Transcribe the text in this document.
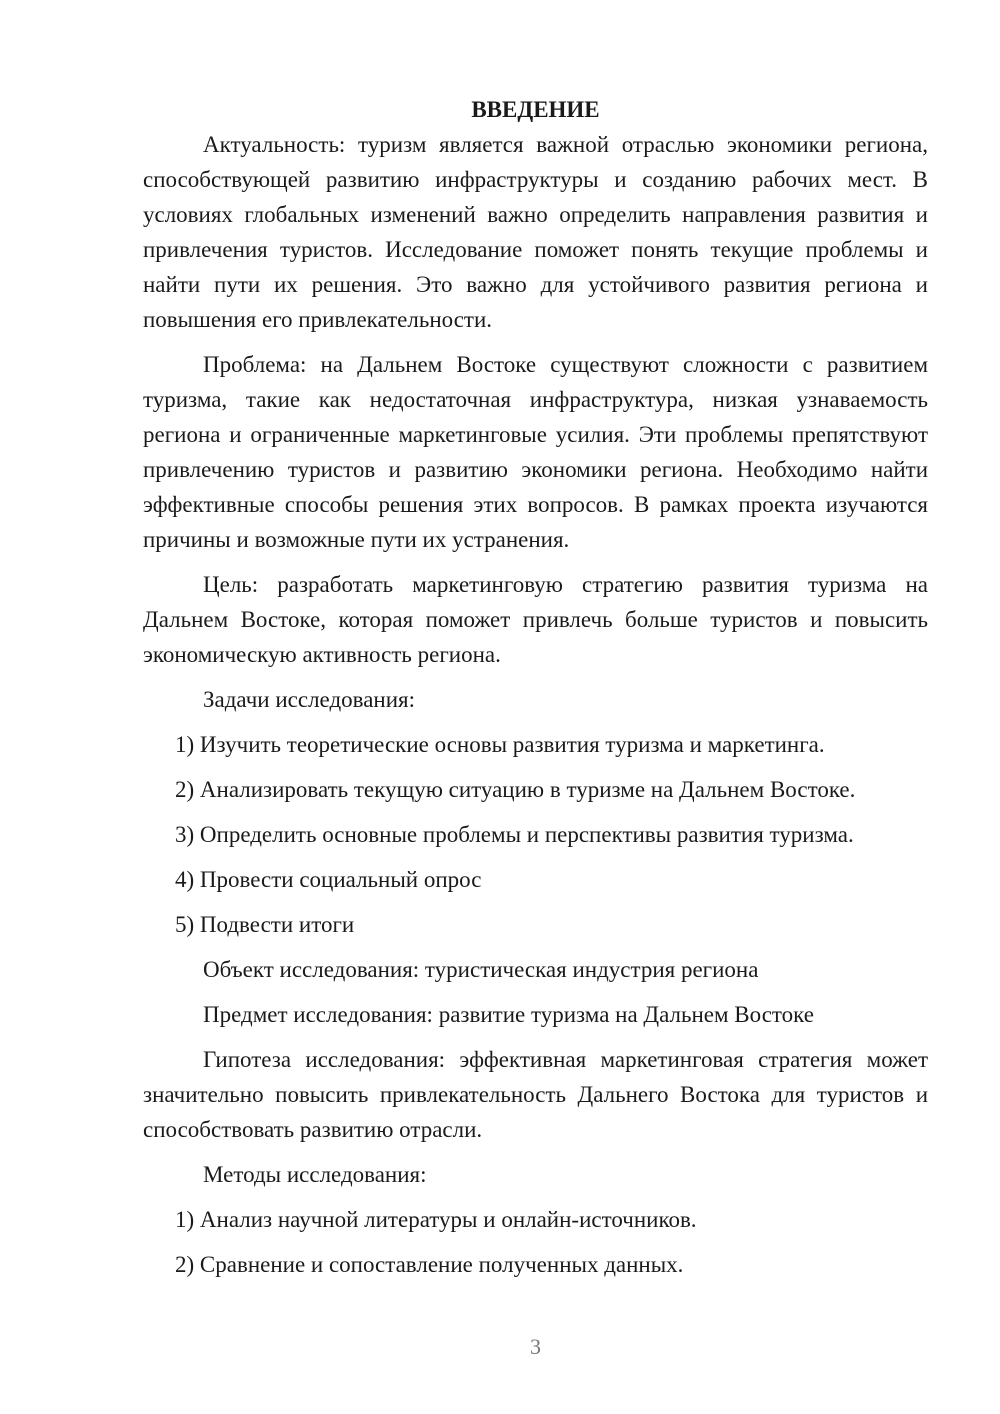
ВВЕДЕНИЕ

Актуальность: туризм является важной отраслью экономики региона, способствующей развитию инфраструктуры и созданию рабочих мест. В условиях глобальных изменений важно определить направления развития и привлечения туристов. Исследование поможет понять текущие проблемы и найти пути их решения. Это важно для устойчивого развития региона и повышения его привлекательности.

Проблема: на Дальнем Востоке существуют сложности с развитием туризма, такие как недостаточная инфраструктура, низкая узнаваемость региона и ограниченные маркетинговые усилия. Эти проблемы препятствуют привлечению туристов и развитию экономики региона. Необходимо найти эффективные способы решения этих вопросов. В рамках проекта изучаются причины и возможные пути их устранения.

Цель: разработать маркетинговую стратегию развития туризма на Дальнем Востоке, которая поможет привлечь больше туристов и повысить экономическую активность региона.

Задачи исследования:
1) Изучить теоретические основы развития туризма и маркетинга.
2) Анализировать текущую ситуацию в туризме на Дальнем Востоке.
3) Определить основные проблемы и перспективы развития туризма.
4) Провести социальный опрос
5) Подвести итоги
Объект исследования: туристическая индустрия региона
Предмет исследования: развитие туризма на Дальнем Востоке

Гипотеза исследования: эффективная маркетинговая стратегия может значительно повысить привлекательность Дальнего Востока для туристов и способствовать развитию отрасли.

Методы исследования:
1) Анализ научной литературы и онлайн-источников.
2) Сравнение и сопоставление полученных данных.
3
